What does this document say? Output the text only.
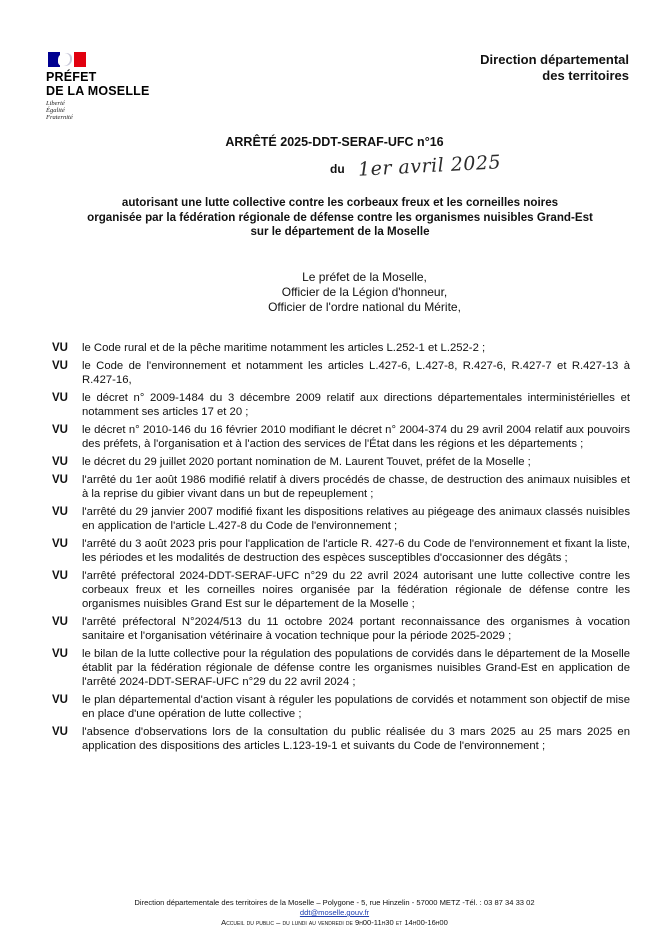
PRÉFET
DE LA MOSELLE
Liberté
Égalité
Fraternité
Direction départemental
des territoires
ARRÊTÉ 2025-DDT-SERAF-UFC n°16
du 1er avril 2025
autorisant une lutte collective contre les corbeaux freux et les corneilles noires
organisée par la fédération régionale de défense contre les organismes nuisibles Grand-Est
sur le département de la Moselle
Le préfet de la Moselle,
Officier de la Légion d'honneur,
Officier de l'ordre national du Mérite,
VU	le Code rural et de la pêche maritime notamment les articles L.252-1 et L.252-2 ;
VU	le Code de l'environnement et notamment les articles L.427-6, L.427-8, R.427-6, R.427-7 et R.427-13 à R.427-16,
VU	le décret n° 2009-1484 du 3 décembre 2009 relatif aux directions départementales interministérielles et notamment ses articles 17 et 20 ;
VU	le décret n° 2010-146 du 16 février 2010 modifiant le décret n° 2004-374 du 29 avril 2004 relatif aux pouvoirs des préfets, à l'organisation et à l'action des services de l'État dans les régions et les départements ;
VU	le décret du 29 juillet 2020 portant nomination de M. Laurent Touvet, préfet de la Moselle ;
VU	l'arrêté du 1er août 1986 modifié relatif à divers procédés de chasse, de destruction des animaux nuisibles et à la reprise du gibier vivant dans un but de repeuplement ;
VU	l'arrêté du 29 janvier 2007 modifié fixant les dispositions relatives au piégeage des animaux classés nuisibles en application de l'article L.427-8 du Code de l'environnement ;
VU	l'arrêté du 3 août 2023 pris pour l'application de l'article R. 427-6 du Code de l'environnement et fixant la liste, les périodes et les modalités de destruction des espèces susceptibles d'occasionner des dégâts ;
VU	l'arrêté préfectoral 2024-DDT-SERAF-UFC n°29 du 22 avril 2024 autorisant une lutte collective contre les corbeaux freux et les corneilles noires organisée par la fédération régionale de défense contre les organismes nuisibles Grand Est sur le département de la Moselle ;
VU	l'arrêté préfectoral N°2024/513 du 11 octobre 2024 portant reconnaissance des organismes à vocation sanitaire et l'organisation vétérinaire à vocation technique pour la période 2025-2029 ;
VU	le bilan de la lutte collective pour la régulation des populations de corvidés dans le département de la Moselle établit par la fédération régionale de défense contre les organismes nuisibles Grand-Est en application de l'arrêté 2024-DDT-SERAF-UFC n°29 du 22 avril 2024 ;
VU	le plan départemental d'action visant à réguler les populations de corvidés et notamment son objectif de mise en place d'une opération de lutte collective ;
VU	l'absence d'observations lors de la consultation du public réalisée du 3 mars 2025 au 25 mars 2025 en application des dispositions des articles L.123-19-1 et suivants du Code de l'environnement ;
Direction départementale des territoires de la Moselle – Polygone - 5, rue Hinzelin - 57000 METZ -Tél. : 03 87 34 33 02
ddt@moselle.gouv.fr
Accueil du public – du lundi au vendredi de 9h00-11h30 et 14h00-16h00
